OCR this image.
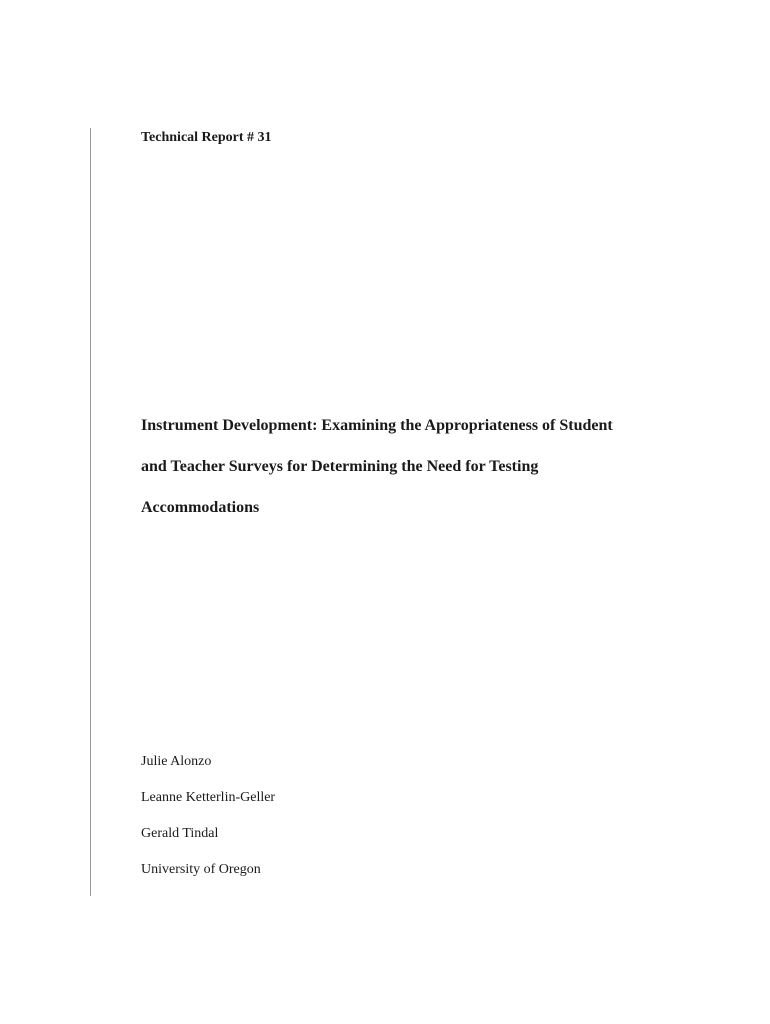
Technical Report # 31

Instrument Development: Examining the Appropriateness of Student
and Teacher Surveys for Determining the Need for Testing
Accommodations
Julie Alonzo
Leanne Ketterlin-Geller
Gerald Tindal
University of Oregon
